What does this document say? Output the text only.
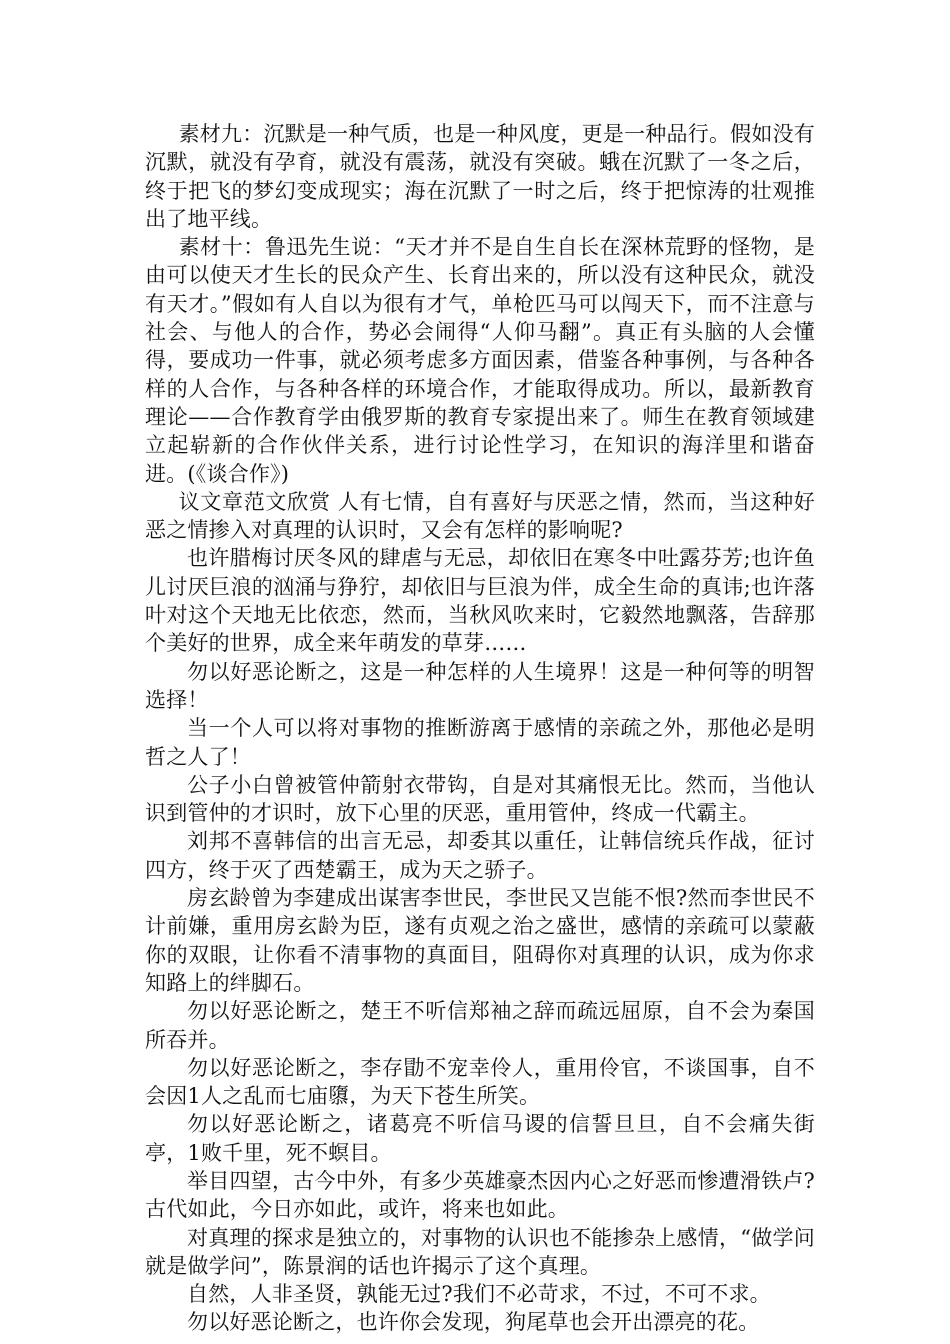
素材九：沉默是一种气质，也是一种风度，更是一种品行。假如没有沉默，就没有孕育，就没有震荡，就没有突破。蛾在沉默了一冬之后，终于把飞的梦幻变成现实；海在沉默了一时之后，终于把惊涛的壮观推出了地平线。

素材十：鲁迅先生说：“天才并不是自生自长在深林荒野的怪物，是由可以使天才生长的民众产生、长育出来的，所以没有这种民众，就没有天才。”假如有人自以为很有才气，单枪匹马可以闯天下，而不注意与社会、与他人的合作，势必会闹得“人仰马翻”。真正有头脑的人会懂得，要成功一件事，就必须考虑多方面因素，借鉴各种事例，与各种各样的人合作，与各种各样的环境合作，才能取得成功。所以，最新教育理论——合作教育学由俄罗斯的教育专家提出来了。师生在教育领域建立起崭新的合作伙伴关系，进行讨论性学习，在知识的海洋里和谐奋进。(《谈合作》)

议文章范文欣赏 人有七情，自有喜好与厌恶之情，然而，当这种好恶之情掺入对真理的认识时，又会有怎样的影响呢?

也许腊梅讨厌冬风的肆虐与无忌，却依旧在寒冬中吐露芬芳;也许鱼儿讨厌巨浪的汹涌与狰狞，却依旧与巨浪为伴，成全生命的真讳;也许落叶对这个天地无比依恋，然而，当秋风吹来时，它毅然地飘落，告辞那个美好的世界，成全来年萌发的草芽……

勿以好恶论断之，这是一种怎样的人生境界！这是一种何等的明智选择！

当一个人可以将对事物的推断游离于感情的亲疏之外，那他必是明哲之人了！

公子小白曾被管仲箭射衣带钩，自是对其痛恨无比。然而，当他认识到管仲的才识时，放下心里的厌恶，重用管仲，终成一代霸主。

刘邦不喜韩信的出言无忌，却委其以重任，让韩信统兵作战，征讨四方，终于灭了西楚霸王，成为天之骄子。

房玄龄曾为李建成出谋害李世民，李世民又岂能不恨?然而李世民不计前嫌，重用房玄龄为臣，遂有贞观之治之盛世，感情的亲疏可以蒙蔽你的双眼，让你看不清事物的真面目，阻碍你对真理的认识，成为你求知路上的绊脚石。

勿以好恶论断之，楚王不听信郑袖之辞而疏远屈原，自不会为秦国所吞并。

勿以好恶论断之，李存勖不宠幸伶人，重用伶官，不谈国事，自不会因1人之乱而七庙隳，为天下苍生所笑。

勿以好恶论断之，诸葛亮不听信马谡的信誓旦旦，自不会痛失街亭，1败千里，死不螟目。

举目四望，古今中外，有多少英雄豪杰因内心之好恶而惨遭滑铁卢?古代如此，今日亦如此，或许，将来也如此。

对真理的探求是独立的，对事物的认识也不能掺杂上感情，“做学问就是做学问”，陈景润的话也许揭示了这个真理。

自然，人非圣贤，孰能无过?我们不必苛求，不过，不可不求。

勿以好恶论断之，也许你会发现，狗尾草也会开出漂亮的花。
